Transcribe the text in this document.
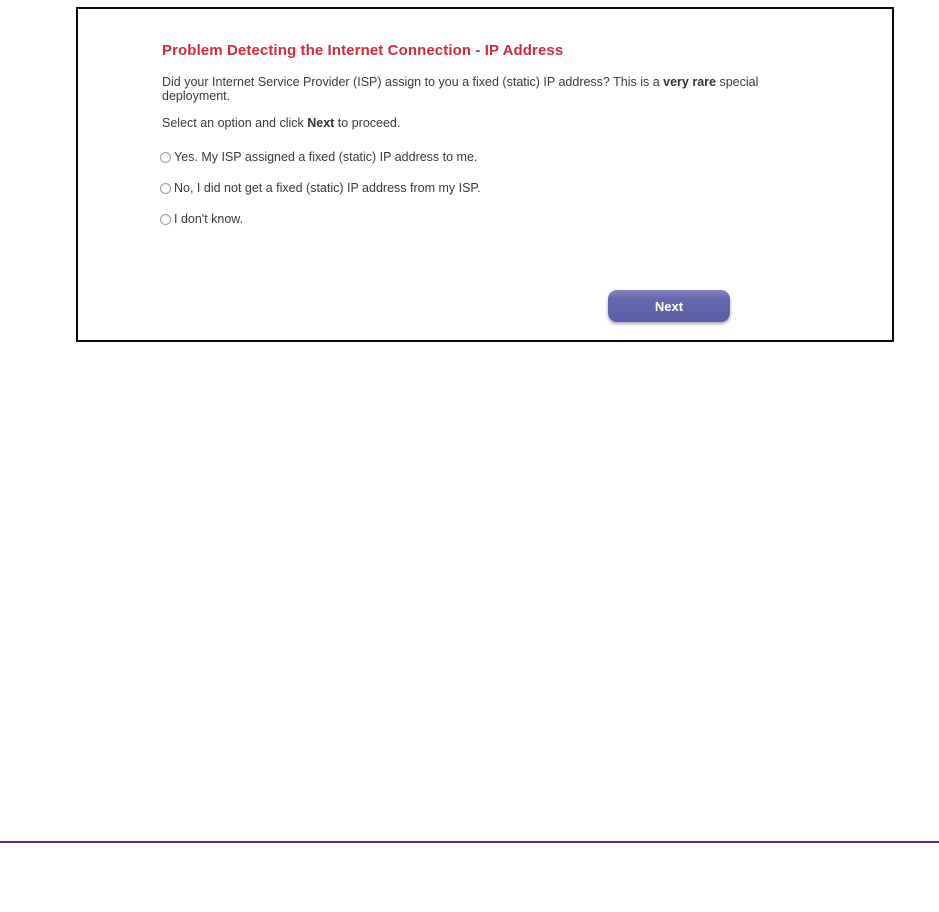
Problem Detecting the Internet Connection - IP Address

Did your Internet Service Provider (ISP) assign to you a fixed (static) IP address? This is a very rare special deployment.

Select an option and click Next to proceed.

Yes. My ISP assigned a fixed (static) IP address to me.
No, I did not get a fixed (static) IP address from my ISP.
I don't know.
Next
